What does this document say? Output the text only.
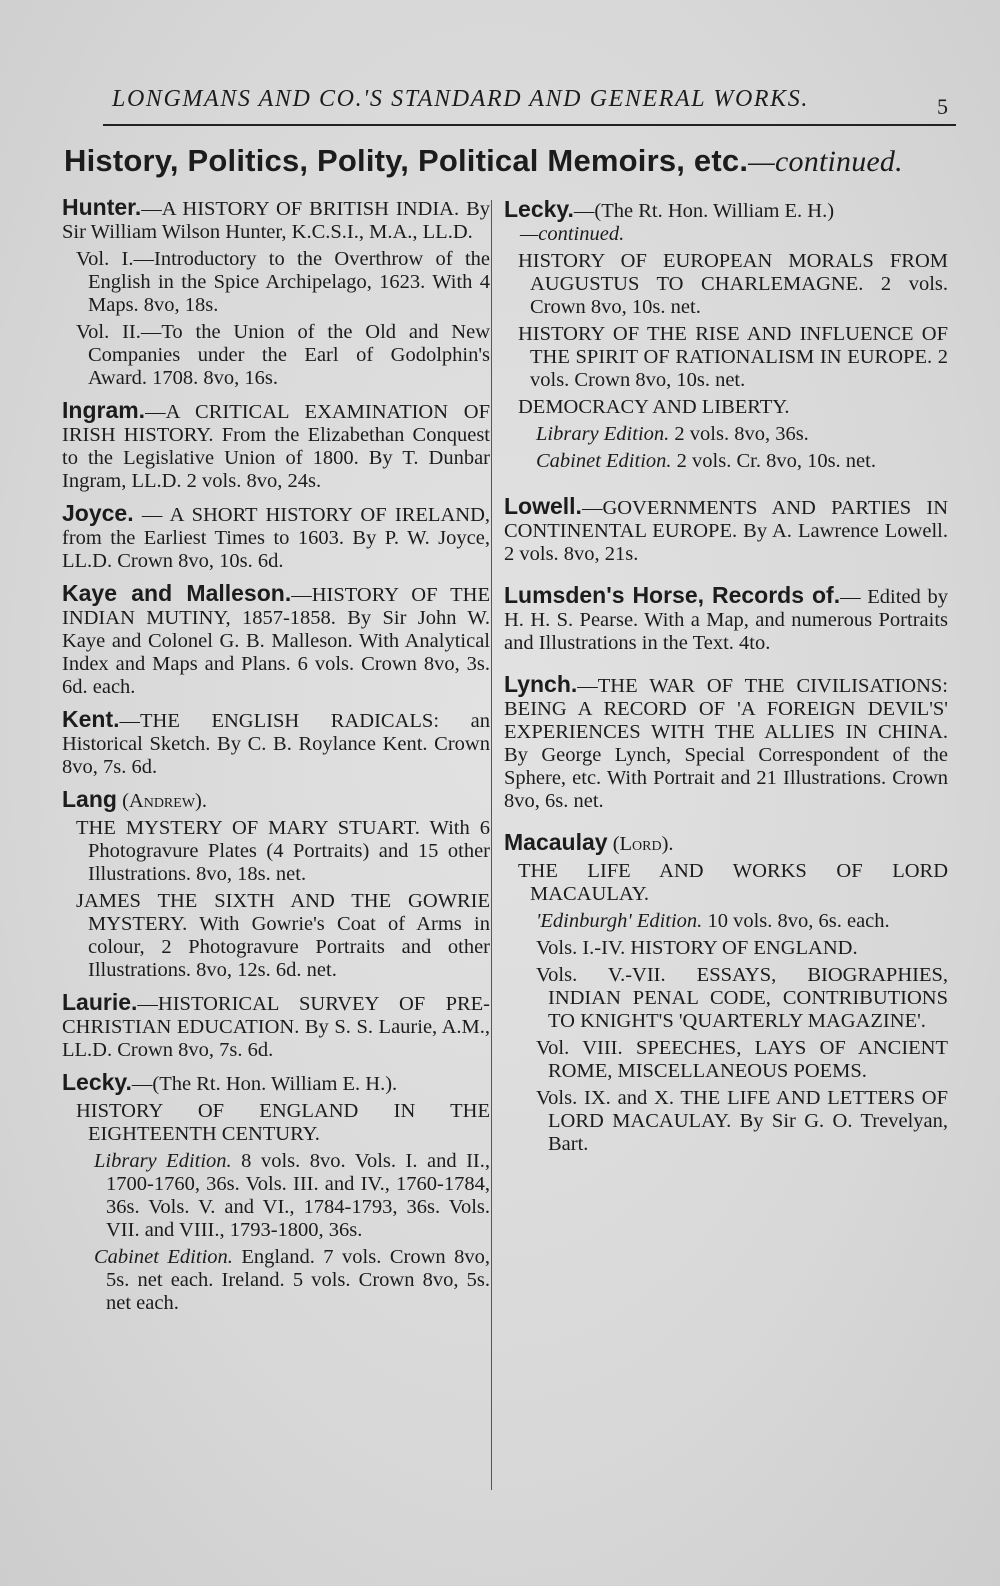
LONGMANS AND CO.'S STANDARD AND GENERAL WORKS.	5
History, Politics, Polity, Political Memoirs, etc.—continued.

Hunter.—A HISTORY OF BRITISH INDIA. By Sir William Wilson Hunter, K.C.S.I., M.A., LL.D.

Vol. I.—Introductory to the Overthrow of the English in the Spice Archipelago, 1623. With 4 Maps. 8vo, 18s.

Vol. II.—To the Union of the Old and New Companies under the Earl of Godolphin's Award. 1708. 8vo, 16s.

Ingram.—A CRITICAL EXAMINATION OF IRISH HISTORY. From the Elizabethan Conquest to the Legislative Union of 1800. By T. Dunbar Ingram, LL.D. 2 vols. 8vo, 24s.

Joyce. — A SHORT HISTORY OF IRELAND, from the Earliest Times to 1603. By P. W. Joyce, LL.D. Crown 8vo, 10s. 6d.

Kaye and Malleson.—HISTORY OF THE INDIAN MUTINY, 1857-1858. By Sir John W. Kaye and Colonel G. B. Malleson. With Analytical Index and Maps and Plans. 6 vols. Crown 8vo, 3s. 6d. each.

Kent.—THE ENGLISH RADICALS: an Historical Sketch. By C. B. Roylance Kent. Crown 8vo, 7s. 6d.

Lang (Andrew).

THE MYSTERY OF MARY STUART. With 6 Photogravure Plates (4 Portraits) and 15 other Illustrations. 8vo, 18s. net.

JAMES THE SIXTH AND THE GOWRIE MYSTERY. With Gowrie's Coat of Arms in colour, 2 Photogravure Portraits and other Illustrations. 8vo, 12s. 6d. net.

Laurie.—HISTORICAL SURVEY OF PRE-CHRISTIAN EDUCATION. By S. S. Laurie, A.M., LL.D. Crown 8vo, 7s. 6d.

Lecky.—(The Rt. Hon. William E. H.).

HISTORY OF ENGLAND IN THE EIGHTEENTH CENTURY.

Library Edition. 8 vols. 8vo. Vols. I. and II., 1700-1760, 36s. Vols. III. and IV., 1760-1784, 36s. Vols. V. and VI., 1784-1793, 36s. Vols. VII. and VIII., 1793-1800, 36s.

Cabinet Edition. England. 7 vols. Crown 8vo, 5s. net each. Ireland. 5 vols. Crown 8vo, 5s. net each.

Lecky.—(The Rt. Hon. William E. H.)

—continued.

HISTORY OF EUROPEAN MORALS FROM AUGUSTUS TO CHARLEMAGNE. 2 vols. Crown 8vo, 10s. net.

HISTORY OF THE RISE AND INFLUENCE OF THE SPIRIT OF RATIONALISM IN EUROPE. 2 vols. Crown 8vo, 10s. net.

DEMOCRACY AND LIBERTY.

Library Edition. 2 vols. 8vo, 36s.

Cabinet Edition. 2 vols. Cr. 8vo, 10s. net.

Lowell.—GOVERNMENTS AND PARTIES IN CONTINENTAL EUROPE. By A. Lawrence Lowell. 2 vols. 8vo, 21s.

Lumsden's Horse, Records of.— Edited by H. H. S. Pearse. With a Map, and numerous Portraits and Illustrations in the Text. 4to.

Lynch.—THE WAR OF THE CIVILISATIONS: BEING A RECORD OF 'A FOREIGN DEVIL'S' EXPERIENCES WITH THE ALLIES IN CHINA. By George Lynch, Special Correspondent of the Sphere, etc. With Portrait and 21 Illustrations. Crown 8vo, 6s. net.

Macaulay (Lord).

THE LIFE AND WORKS OF LORD MACAULAY.

'Edinburgh' Edition. 10 vols. 8vo, 6s. each.

Vols. I.-IV. HISTORY OF ENGLAND.

Vols. V.-VII. ESSAYS, BIOGRAPHIES, INDIAN PENAL CODE, CONTRIBUTIONS TO KNIGHT'S 'QUARTERLY MAGAZINE'.

Vol. VIII. SPEECHES, LAYS OF ANCIENT ROME, MISCELLANEOUS POEMS.

Vols. IX. and X. THE LIFE AND LETTERS OF LORD MACAULAY. By Sir G. O. Trevelyan, Bart.
